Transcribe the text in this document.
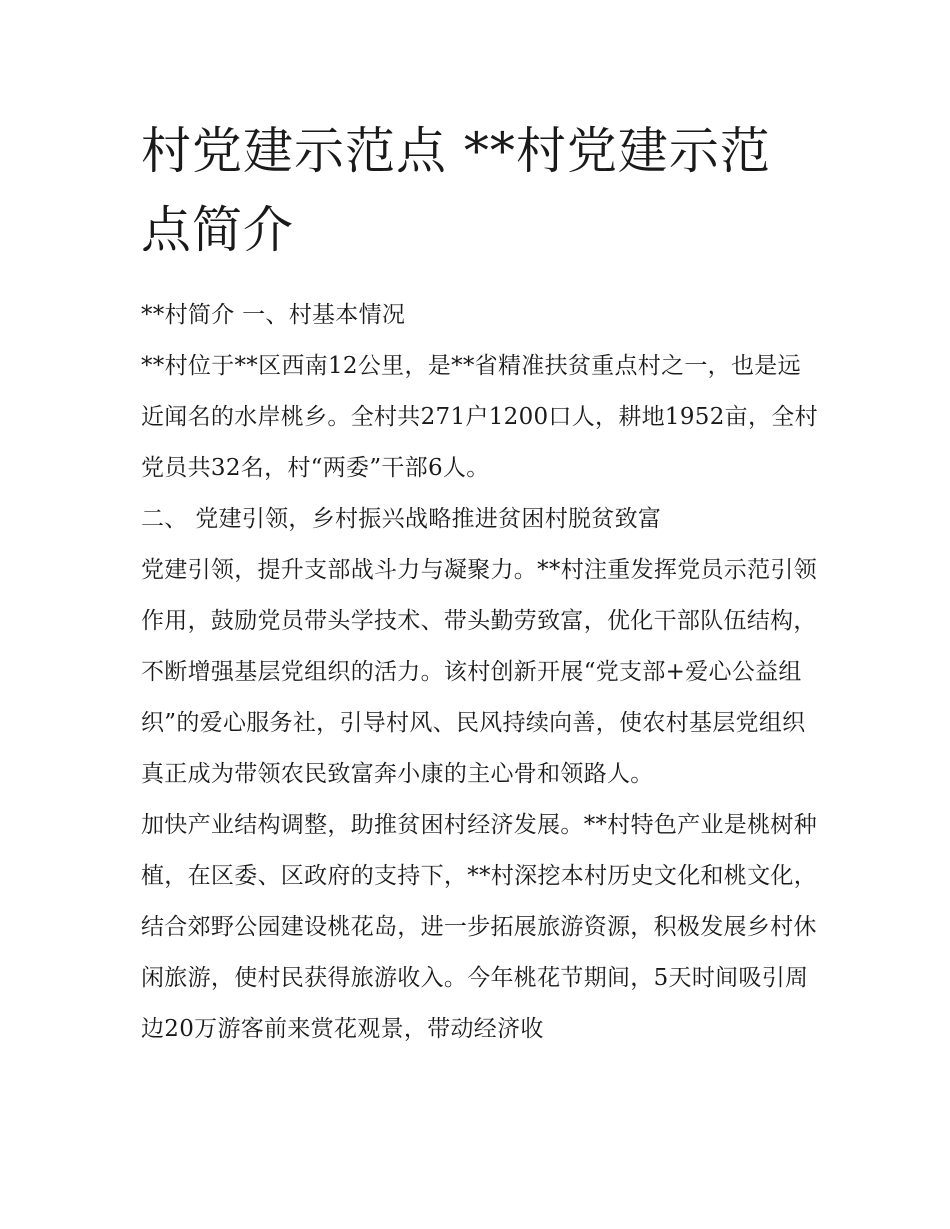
村党建示范点 **村党建示范点简介

**村简介 一、村基本情况

**村位于**区西南12公里，是**省精准扶贫重点村之一，也是远近闻名的水岸桃乡。全村共271户1200口人，耕地1952亩，全村党员共32名，村“两委”干部6人。

二、 党建引领，乡村振兴战略推进贫困村脱贫致富

党建引领，提升支部战斗力与凝聚力。**村注重发挥党员示范引领作用，鼓励党员带头学技术、带头勤劳致富，优化干部队伍结构，不断增强基层党组织的活力。该村创新开展“党支部+爱心公益组织”的爱心服务社，引导村风、民风持续向善，使农村基层党组织真正成为带领农民致富奔小康的主心骨和领路人。

加快产业结构调整，助推贫困村经济发展。**村特色产业是桃树种植，在区委、区政府的支持下，**村深挖本村历史文化和桃文化，结合郊野公园建设桃花岛，进一步拓展旅游资源，积极发展乡村休闲旅游，使村民获得旅游收入。今年桃花节期间，5天时间吸引周边20万游客前来赏花观景，带动经济收
